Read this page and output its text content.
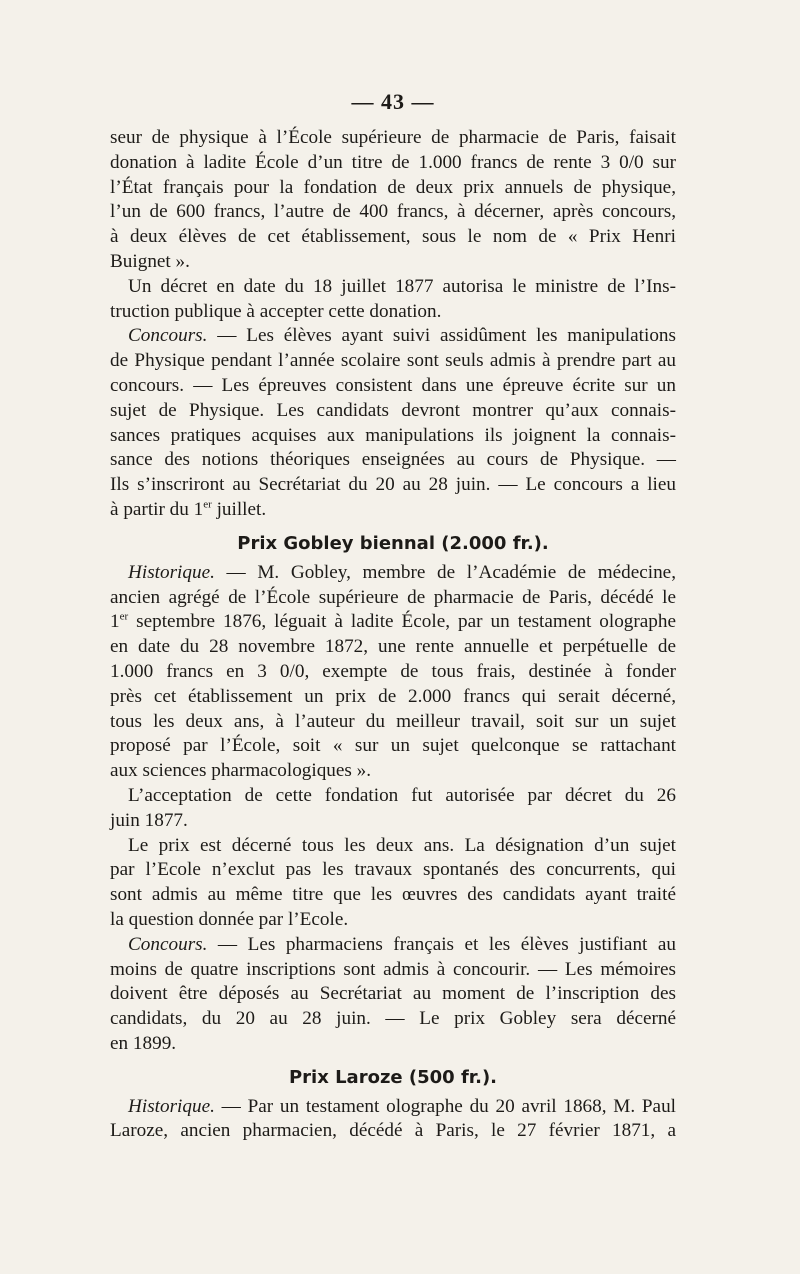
— 43 —
seur de physique à l’École supérieure de pharmacie de Paris, faisait
donation à ladite École d’un titre de 1.000 francs de rente 3 0/0 sur
l’État français pour la fondation de deux prix annuels de physique,
l’un de 600 francs, l’autre de 400 francs, à décerner, après concours,
à deux élèves de cet établissement, sous le nom de « Prix Henri
Buignet ».
Un décret en date du 18 juillet 1877 autorisa le ministre de l’Ins-
truction publique à accepter cette donation.
Concours. — Les élèves ayant suivi assidûment les manipulations
de Physique pendant l’année scolaire sont seuls admis à prendre part au
concours. — Les épreuves consistent dans une épreuve écrite sur un
sujet de Physique. Les candidats devront montrer qu’aux connais-
sances pratiques acquises aux manipulations ils joignent la connais-
sance des notions théoriques enseignées au cours de Physique. —
Ils s’inscriront au Secrétariat du 20 au 28 juin. — Le concours a lieu
à partir du 1er juillet.
Prix Gobley biennal (2.000 fr.).
Historique. — M. Gobley, membre de l’Académie de médecine,
ancien agrégé de l’École supérieure de pharmacie de Paris, décédé le
1er septembre 1876, léguait à ladite École, par un testament olographe
en date du 28 novembre 1872, une rente annuelle et perpétuelle de
1.000 francs en 3 0/0, exempte de tous frais, destinée à fonder
près cet établissement un prix de 2.000 francs qui serait décerné,
tous les deux ans, à l’auteur du meilleur travail, soit sur un sujet
proposé par l’École, soit « sur un sujet quelconque se rattachant
aux sciences pharmacologiques ».
L’acceptation de cette fondation fut autorisée par décret du 26
juin 1877.
Le prix est décerné tous les deux ans. La désignation d’un sujet
par l’Ecole n’exclut pas les travaux spontanés des concurrents, qui
sont admis au même titre que les œuvres des candidats ayant traité
la question donnée par l’Ecole.
Concours. — Les pharmaciens français et les élèves justifiant au
moins de quatre inscriptions sont admis à concourir. — Les mémoires
doivent être déposés au Secrétariat au moment de l’inscription des
candidats, du 20 au 28 juin. — Le prix Gobley sera décerné
en 1899.
Prix Laroze (500 fr.).
Historique. — Par un testament olographe du 20 avril 1868, M. Paul
Laroze, ancien pharmacien, décédé à Paris, le 27 février 1871, a
